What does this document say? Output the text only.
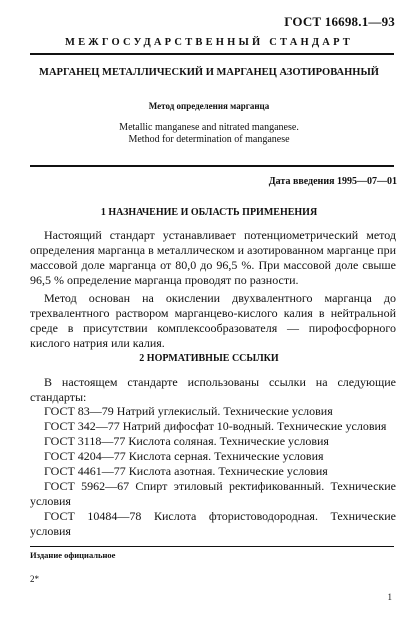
ГОСТ 16698.1—93
МЕЖГОСУДАРСТВЕННЫЙ СТАНДАРТ
МАРГАНЕЦ МЕТАЛЛИЧЕСКИЙ И МАРГАНЕЦ АЗОТИРОВАННЫЙ
Метод определения марганца
Metallic manganese and nitrated manganese.
Method for determination of manganese
Дата введения 1995—07—01
1 НАЗНАЧЕНИЕ И ОБЛАСТЬ ПРИМЕНЕНИЯ
Настоящий стандарт устанавливает потенциометрический метод определения марганца в металлическом и азотированном марганце при массовой доле марганца от 80,0 до 96,5 %. При массовой доле свыше 96,5 % определение марганца проводят по разности.
Метод основан на окислении двухвалентного марганца до трехвалентного раствором марганцево-кислого калия в нейтральной среде в присутствии комплексообразователя — пирофосфорного кислого натрия или калия.
2 НОРМАТИВНЫЕ ССЫЛКИ
В настоящем стандарте использованы ссылки на следующие стандарты:
ГОСТ 83—79 Натрий углекислый. Технические условия
ГОСТ 342—77 Натрий дифосфат 10-водный. Технические условия
ГОСТ 3118—77 Кислота соляная. Технические условия
ГОСТ 4204—77 Кислота серная. Технические условия
ГОСТ 4461—77 Кислота азотная. Технические условия
ГОСТ 5962—67 Спирт этиловый ректификованный. Технические условия
ГОСТ 10484—78 Кислота фтористоводородная. Технические условия
Издание официальное
2*
1
